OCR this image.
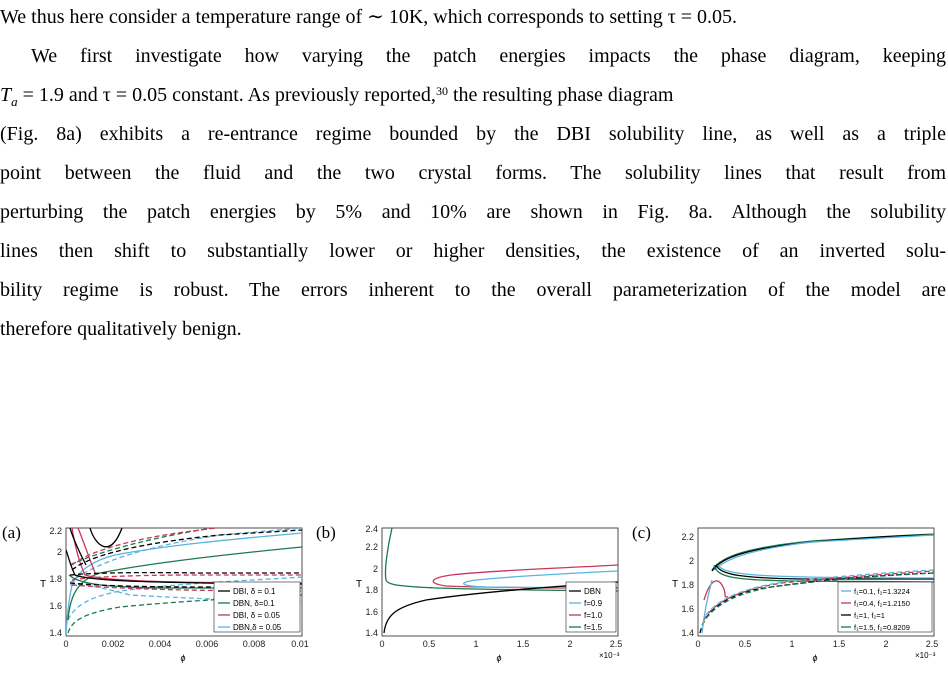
We thus here consider a temperature range of ∼ 10K, which corresponds to setting τ = 0.05.
We first investigate how varying the patch energies impacts the phase diagram, keeping
$T_a = 1.9$ and τ = 0.05 constant. As previously reported,$^{30}$ the resulting phase diagram
(Fig. 8a) exhibits a re-entrance regime bounded by the DBI solubility line, as well as a triple
point between the fluid and the two crystal forms. The solubility lines that result from
perturbing the patch energies by 5% and 10% are shown in Fig. 8a. Although the solubility
lines then shift to substantially lower or higher densities, the existence of an inverted solu-
bility regime is robust. The errors inherent to the overall parameterization of the model are
therefore qualitatively benign.
(a)
1.4
1.6
1.8
2
2.2
T
0	0.002	0.004	0.006	0.008	0.01
ϕ
DBI, δ = 0.1
DBN, δ=0.1
DBI, δ = 0.05
DBN,δ = 0.05
(b)
1.4
1.6
1.8
2
2.2
2.4
T
0	0.5	1	1.5	2	2.5
×10⁻³
ϕ
DBN
f=0.9
f=1.0
f=1.5
(c)
1.4
1.6
1.8
2
2.2
T
0	0.5	1	1.5	2	2.5
×10⁻³
ϕ
f₁=0.1, f₂=1.3224
f₁=0.4, f₂=1.2150
f₁=1, f₂=1
f₁=1.5, f₂=0.8209
